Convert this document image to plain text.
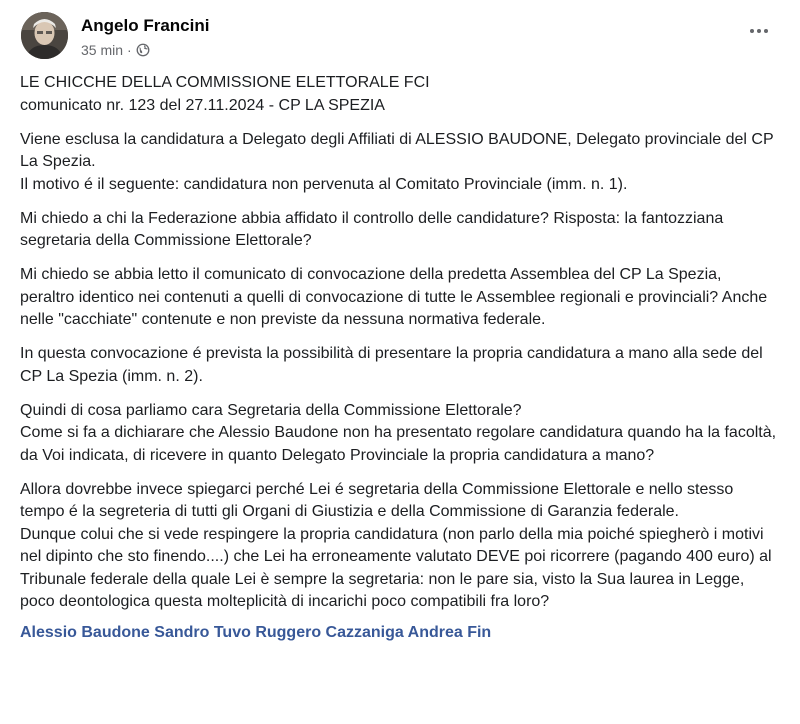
Angelo Francini
35 min ·

LE CHICCHE DELLA COMMISSIONE ELETTORALE FCI
comunicato nr. 123 del 27.11.2024 - CP LA SPEZIA

Viene esclusa la candidatura a Delegato degli Affiliati di ALESSIO BAUDONE, Delegato provinciale del CP La Spezia.
Il motivo é il seguente: candidatura non pervenuta al Comitato Provinciale (imm. n. 1).

Mi chiedo a chi la Federazione abbia affidato il controllo delle candidature? Risposta: la fantozziana segretaria della Commissione Elettorale?

Mi chiedo se abbia letto il comunicato di convocazione della predetta Assemblea del CP La Spezia, peraltro identico nei contenuti a quelli di convocazione di tutte le Assemblee regionali e provinciali? Anche nelle "cacchiate" contenute e non previste da nessuna normativa federale.

In questa convocazione é prevista la possibilità di presentare la propria candidatura a mano alla sede del CP La Spezia (imm. n. 2).

Quindi di cosa parliamo cara Segretaria della Commissione Elettorale?
Come si fa a dichiarare che Alessio Baudone non ha presentato regolare candidatura quando ha la facoltà, da Voi indicata, di ricevere in quanto Delegato Provinciale la propria candidatura a mano?

Allora dovrebbe invece spiegarci perché Lei é segretaria della Commissione Elettorale e nello stesso tempo é la segreteria di tutti gli Organi di Giustizia e della Commissione di Garanzia federale.
Dunque colui che si vede respingere la propria candidatura (non parlo della mia poiché spiegherò i motivi nel dipinto che sto finendo....) che Lei ha erroneamente valutato DEVE poi ricorrere (pagando 400 euro) al Tribunale federale della quale Lei è sempre la segretaria: non le pare sia, visto la Sua laurea in Legge, poco deontologica questa molteplicità di incarichi poco compatibili fra loro?

Alessio Baudone Sandro Tuvo Ruggero Cazzaniga Andrea Fin
